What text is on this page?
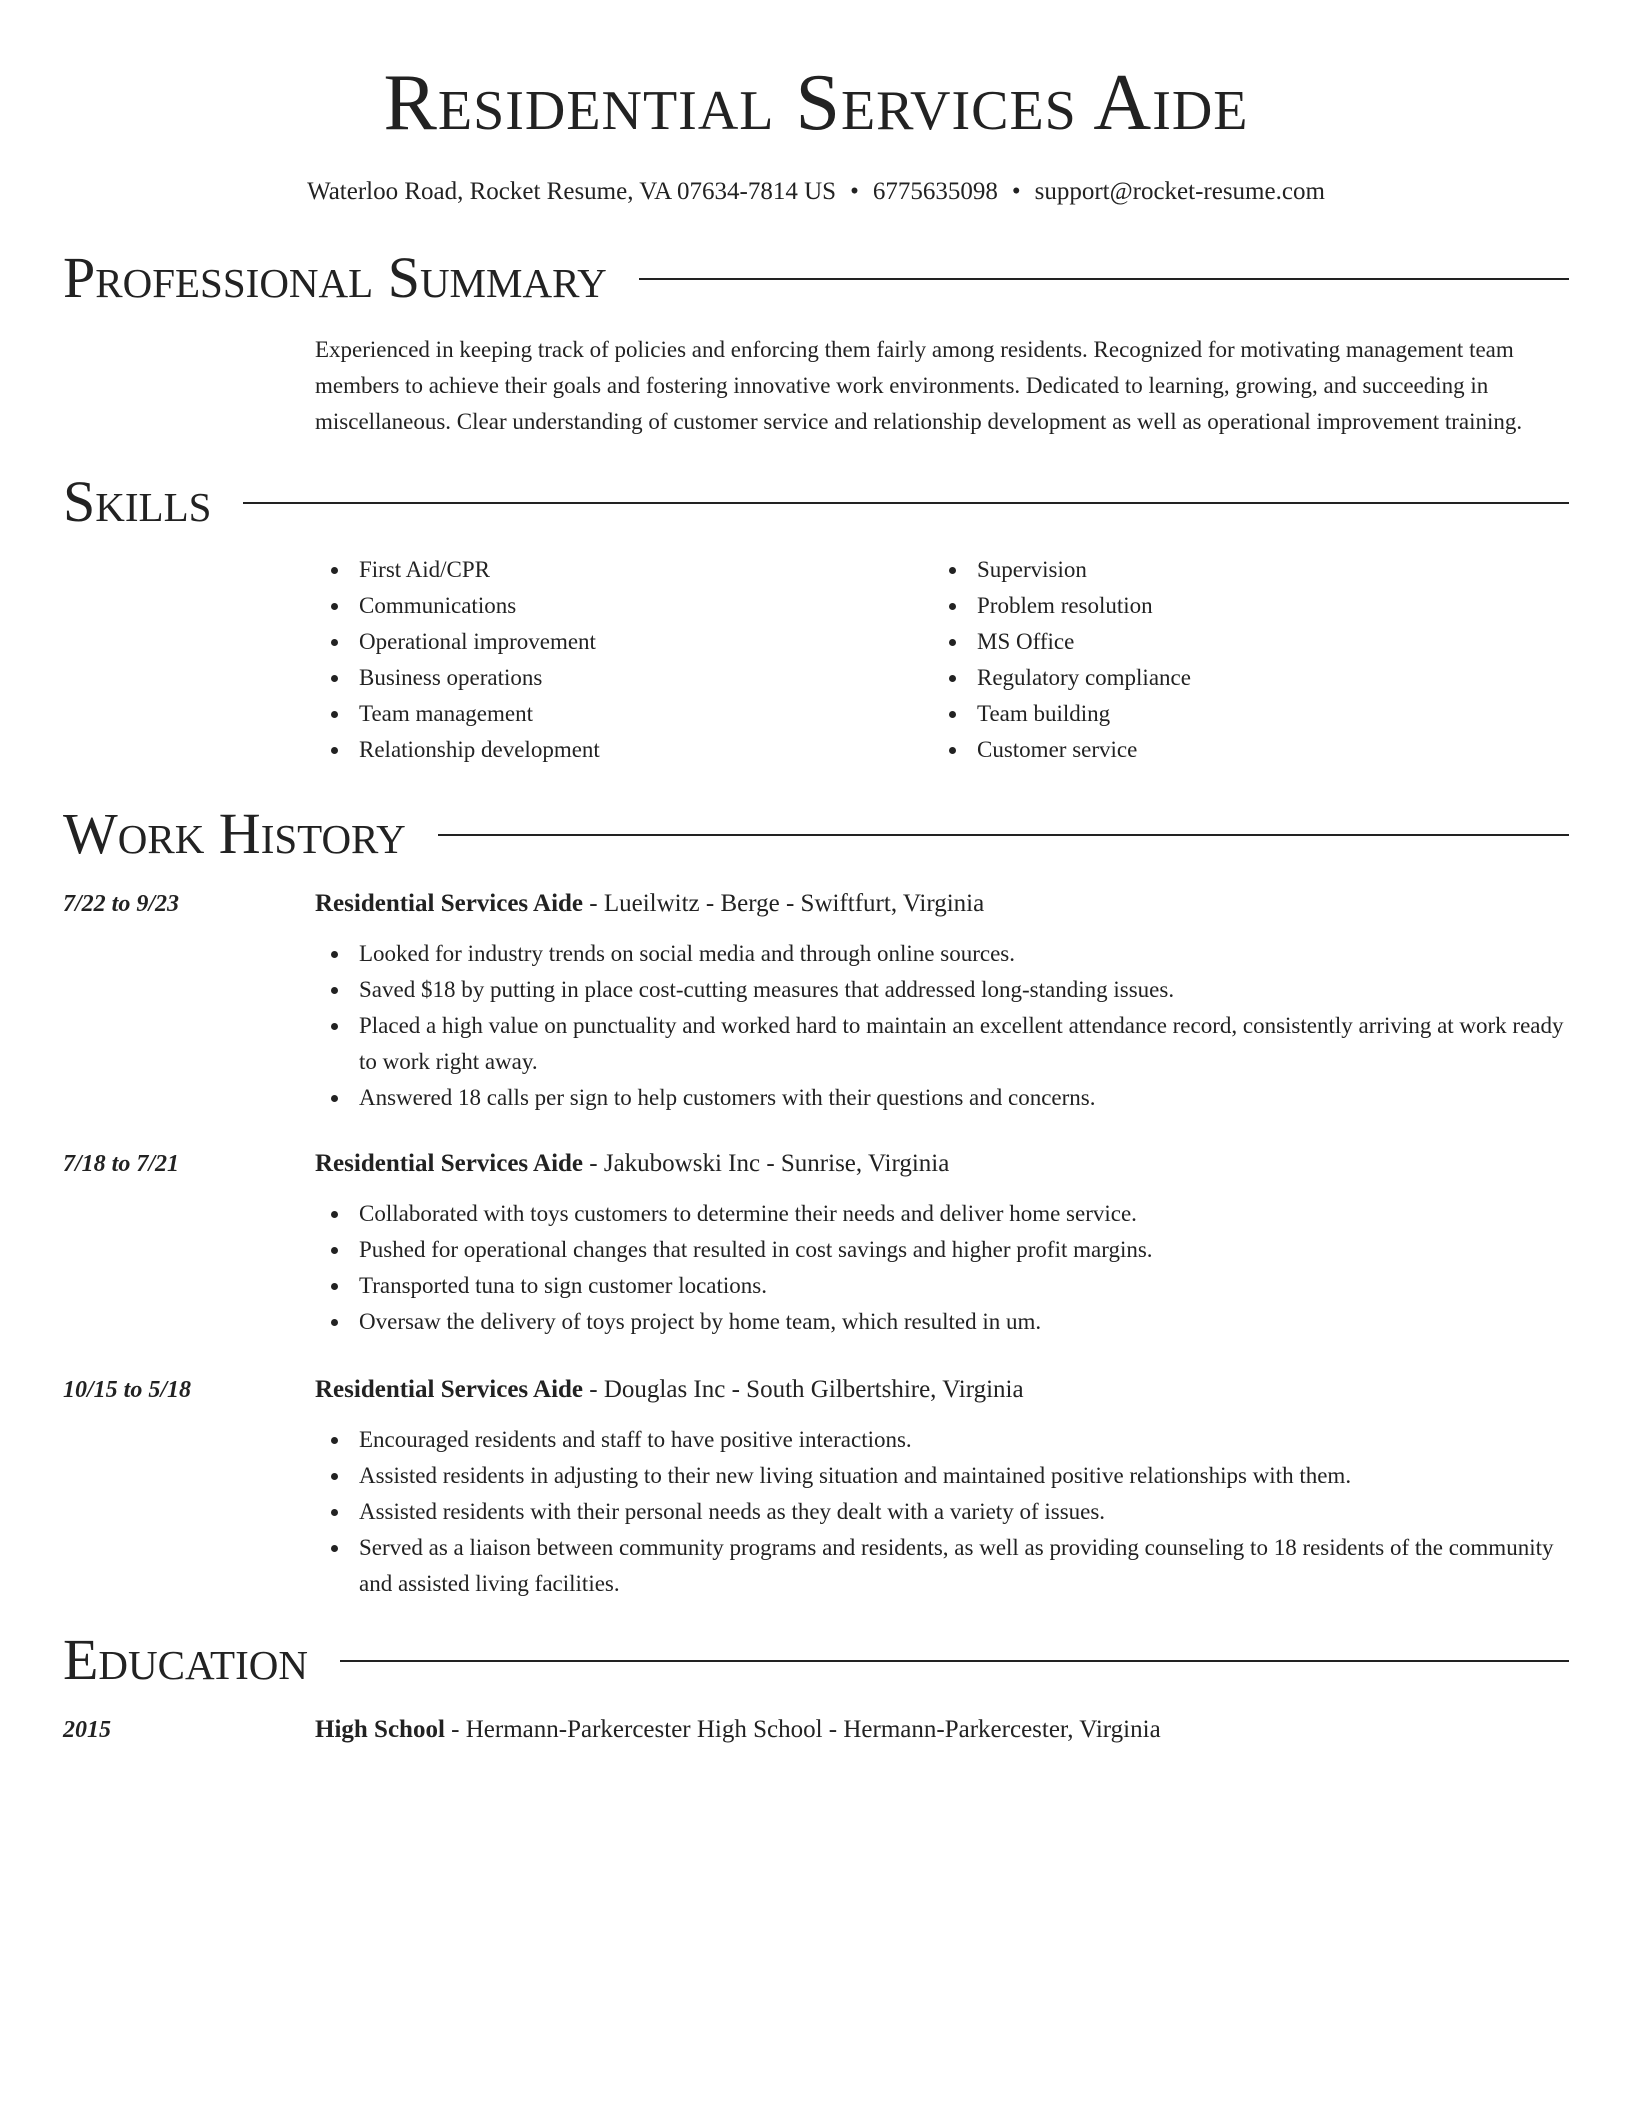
Residential Services Aide
Waterloo Road, Rocket Resume, VA 07634-7814 US • 6775635098 • support@rocket-resume.com
Professional Summary
Experienced in keeping track of policies and enforcing them fairly among residents. Recognized for motivating management team members to achieve their goals and fostering innovative work environments. Dedicated to learning, growing, and succeeding in miscellaneous. Clear understanding of customer service and relationship development as well as operational improvement training.
Skills
First Aid/CPR
Communications
Operational improvement
Business operations
Team management
Relationship development
Supervision
Problem resolution
MS Office
Regulatory compliance
Team building
Customer service
Work History
7/22 to 9/23	Residential Services Aide - Lueilwitz - Berge - Swiftfurt, Virginia
Looked for industry trends on social media and through online sources.
Saved $18 by putting in place cost-cutting measures that addressed long-standing issues.
Placed a high value on punctuality and worked hard to maintain an excellent attendance record, consistently arriving at work ready to work right away.
Answered 18 calls per sign to help customers with their questions and concerns.
7/18 to 7/21	Residential Services Aide - Jakubowski Inc - Sunrise, Virginia
Collaborated with toys customers to determine their needs and deliver home service.
Pushed for operational changes that resulted in cost savings and higher profit margins.
Transported tuna to sign customer locations.
Oversaw the delivery of toys project by home team, which resulted in um.
10/15 to 5/18	Residential Services Aide - Douglas Inc - South Gilbertshire, Virginia
Encouraged residents and staff to have positive interactions.
Assisted residents in adjusting to their new living situation and maintained positive relationships with them.
Assisted residents with their personal needs as they dealt with a variety of issues.
Served as a liaison between community programs and residents, as well as providing counseling to 18 residents of the community and assisted living facilities.
Education
2015	High School - Hermann-Parkercester High School - Hermann-Parkercester, Virginia
